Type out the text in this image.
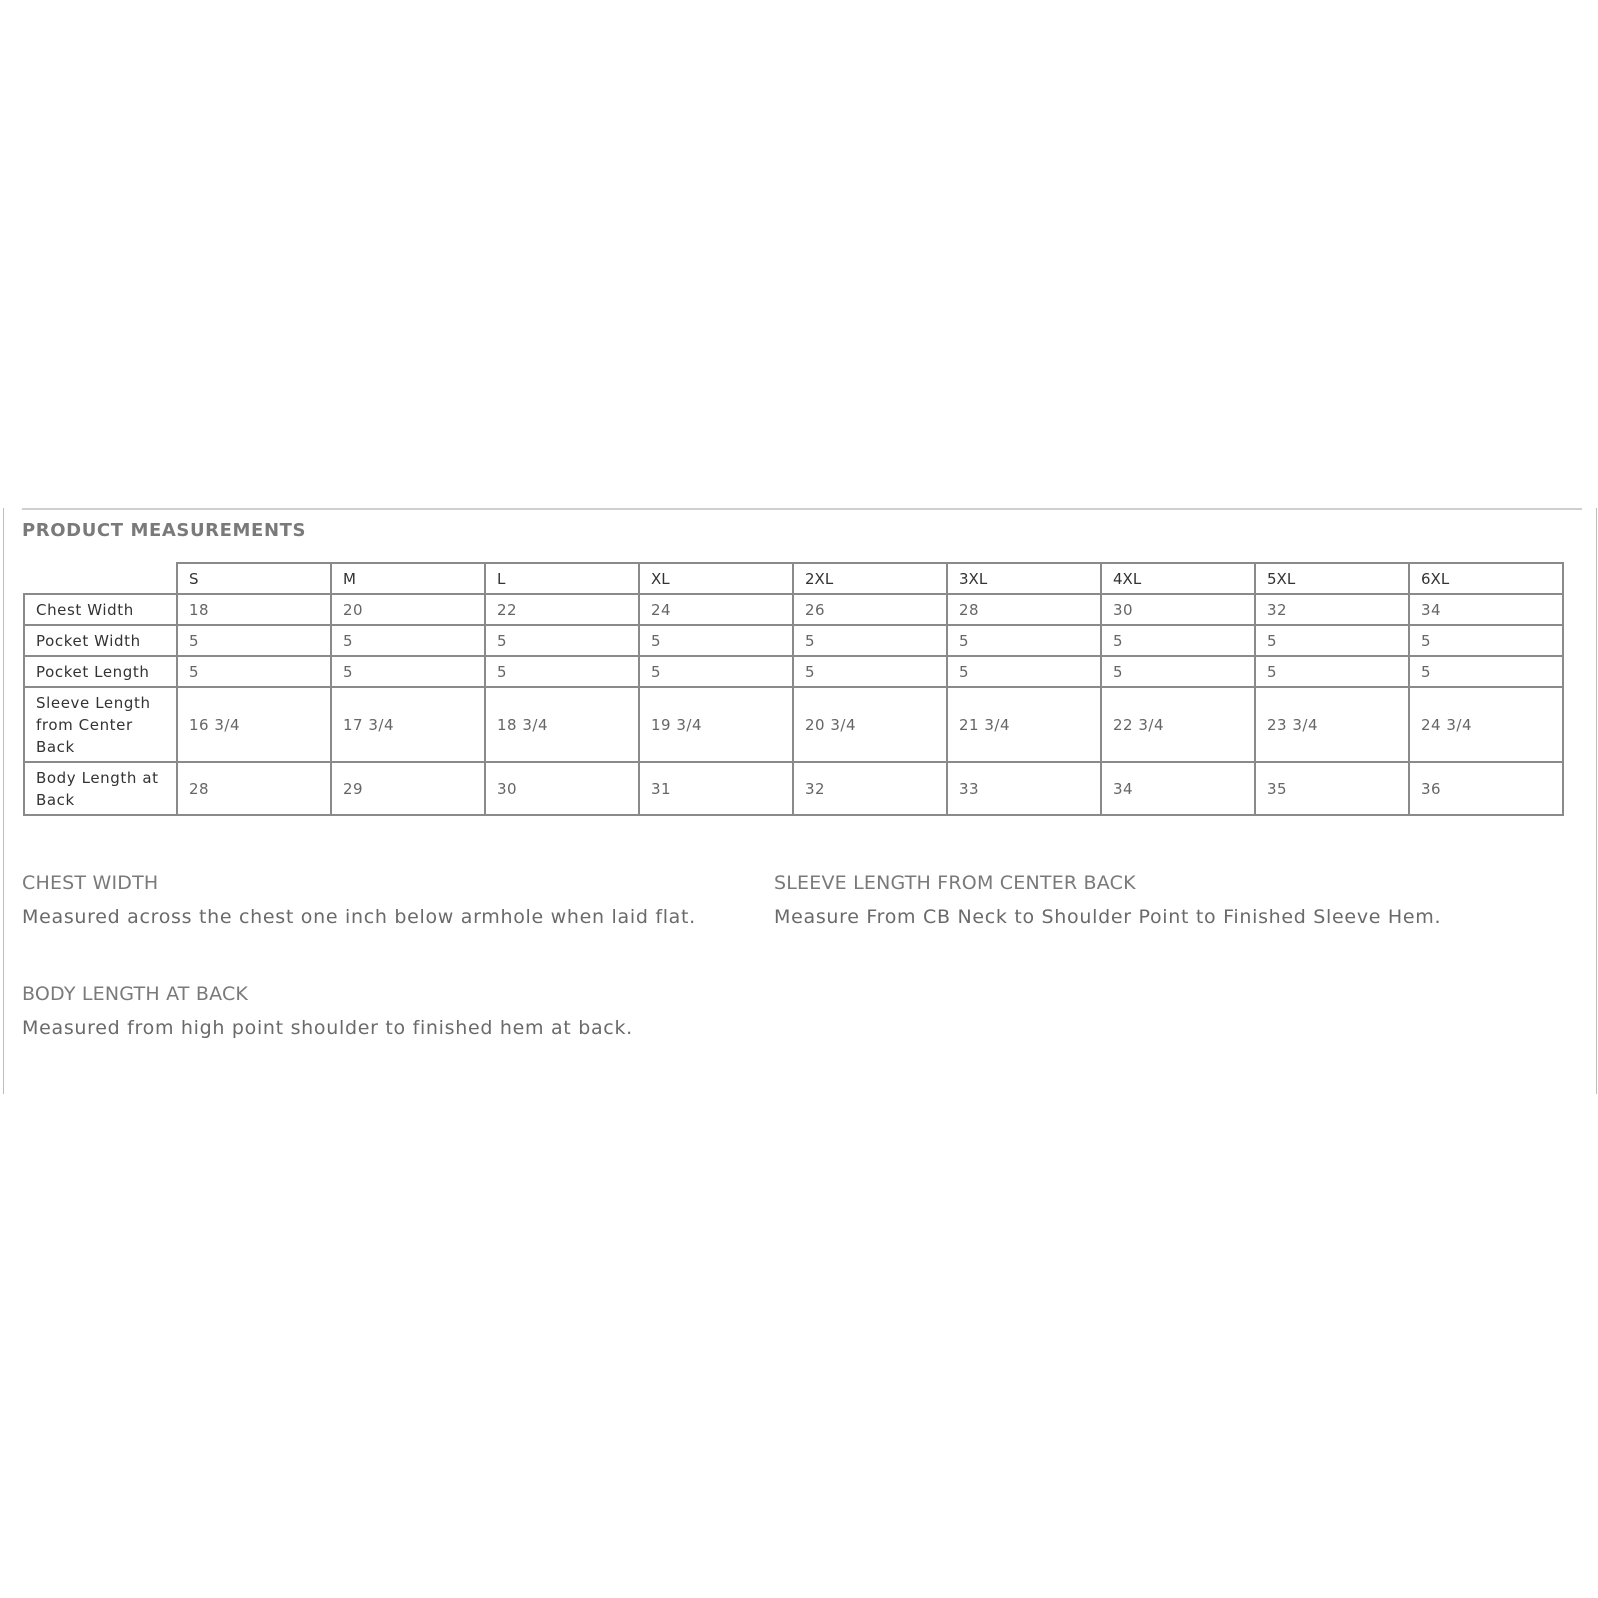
PRODUCT MEASUREMENTS
	S	M	L	XL	2XL	3XL	4XL	5XL	6XL
Chest Width	18	20	22	24	26	28	30	32	34
Pocket Width	5	5	5	5	5	5	5	5	5
Pocket Length	5	5	5	5	5	5	5	5	5
Sleeve Length from Center Back	16 3/4	17 3/4	18 3/4	19 3/4	20 3/4	21 3/4	22 3/4	23 3/4	24 3/4
Body Length at Back	28	29	30	31	32	33	34	35	36
CHEST WIDTH

Measured across the chest one inch below armhole when laid flat.

SLEEVE LENGTH FROM CENTER BACK

Measure From CB Neck to Shoulder Point to Finished Sleeve Hem.

BODY LENGTH AT BACK

Measured from high point shoulder to finished hem at back.
